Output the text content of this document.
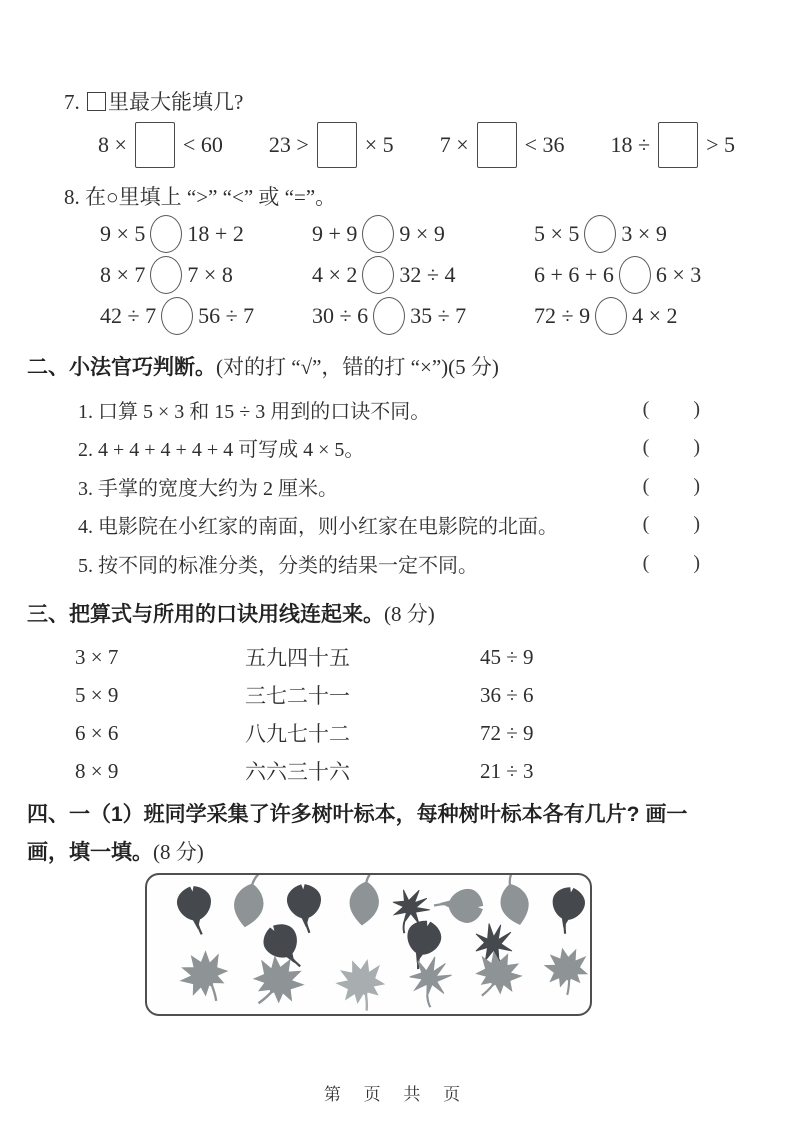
7. 里最大能填几?
8 ×	< 60 23 >	× 5 7 ×	< 36 18 ÷	> 5
8. 在○里填上 “>” “<” 或 “=”。
9 × 5 18 + 2	9 + 9 9 × 9	5 × 5 3 × 9
8 × 7 7 × 8	4 × 2 32 ÷ 4	6 + 6 + 6 6 × 3
42 ÷ 7 56 ÷ 7	30 ÷ 6 35 ÷ 7	72 ÷ 9 4 × 2
二、小法官巧判断。(对的打 “√”，错的打 “×”)(5 分)
1. 口算 5 × 3 和 15 ÷ 3 用到的口诀不同。	( )
2. 4 + 4 + 4 + 4 + 4 可写成 4 × 5。	( )
3. 手掌的宽度大约为 2 厘米。	( )
4. 电影院在小红家的南面，则小红家在电影院的北面。	( )
5. 按不同的标准分类，分类的结果一定不同。	( )
三、把算式与所用的口诀用线连起来。(8 分)
3 × 7	五九四十五	45 ÷ 9
5 × 9	三七二十一	36 ÷ 6
6 × 6	八九七十二	72 ÷ 9
8 × 9	六六三十六	21 ÷ 3
四、一（1）班同学采集了许多树叶标本，每种树叶标本各有几片? 画一
画，填一填。(8 分)
第 页 共 页
